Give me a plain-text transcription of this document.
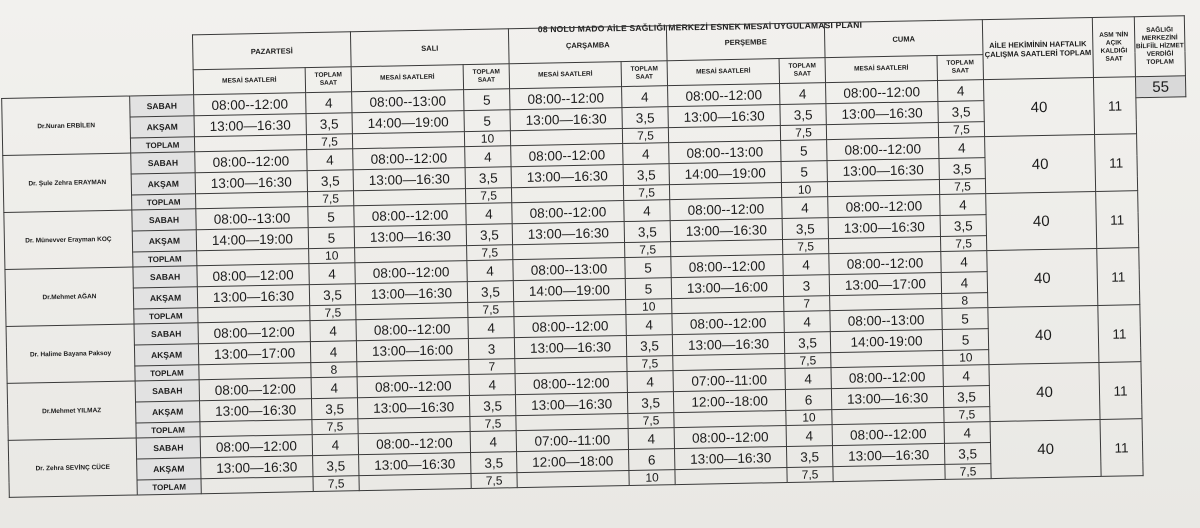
08 NOLU MADO AİLE SAĞLIĞI MERKEZİ ESNEK MESAİ UYGULAMASI PLANI
		PAZARTESİ		SALI		ÇARŞAMBA		PERŞEMBE		CUMA		AİLE HEKİMİNİN HAFTALIK ÇALIŞMA SAATLERİ TOPLAM	ASM 'NİN AÇIK KALDIĞI SAAT	SAĞLIĞI MERKEZİNİ BİLFİİL HİZMET VERDİĞİ TOPLAM
		MESAİ SAATLERİ	TOPLAM SAAT	MESAİ SAATLERİ	TOPLAM SAAT	MESAİ SAATLERİ	TOPLAM SAAT	MESAİ SAATLERİ	TOPLAM SAAT	MESAİ SAATLERİ	TOPLAM SAAT			
Dr.Nuran ERBİLEN	SABAH	08:00--12:00	4	08:00--13:00	5	08:00--12:00	4	08:00--12:00	4	08:00--12:00	4	40	11	55
	AKŞAM	13:00—16:30	3,5	14:00—19:00	5	13:00—16:30	3,5	13:00—16:30	3,5	13:00—16:30	3,5			
	TOPLAM		7,5		10		7,5		7,5		7,5			
Dr. Şule Zehra ERAYMAN	SABAH	08:00--12:00	4	08:00--12:00	4	08:00--12:00	4	08:00--13:00	5	08:00--12:00	4	40	11	
	AKŞAM	13:00—16:30	3,5	13:00—16:30	3,5	13:00—16:30	3,5	14:00—19:00	5	13:00—16:30	3,5			
	TOPLAM		7,5		7,5		7,5		10		7,5			
Dr. Münevver Erayman KOÇ	SABAH	08:00--13:00	5	08:00--12:00	4	08:00--12:00	4	08:00--12:00	4	08:00--12:00	4	40	11	
	AKŞAM	14:00—19:00	5	13:00—16:30	3,5	13:00—16:30	3,5	13:00—16:30	3,5	13:00—16:30	3,5			
	TOPLAM		10		7,5		7,5		7,5		7,5			
Dr.Mehmet AĞAN	SABAH	08:00—12:00	4	08:00--12:00	4	08:00--13:00	5	08:00--12:00	4	08:00--12:00	4	40	11	
	AKŞAM	13:00—16:30	3,5	13:00—16:30	3,5	14:00—19:00	5	13:00—16:00	3	13:00—17:00	4			
	TOPLAM		7,5		7,5		10		7		8			
Dr. Halime Bayana Paksoy	SABAH	08:00—12:00	4	08:00--12:00	4	08:00--12:00	4	08:00--12:00	4	08:00--13:00	5	40	11	
	AKŞAM	13:00—17:00	4	13:00—16:00	3	13:00—16:30	3,5	13:00—16:30	3,5	14:00-19:00	5			
	TOPLAM		8		7		7,5		7,5		10			
Dr.Mehmet YILMAZ	SABAH	08:00—12:00	4	08:00--12:00	4	08:00--12:00	4	07:00--11:00	4	08:00--12:00	4	40	11	
	AKŞAM	13:00—16:30	3,5	13:00—16:30	3,5	13:00—16:30	3,5	12:00--18:00	6	13:00—16:30	3,5			
	TOPLAM		7,5		7,5		7,5		10		7,5			
Dr. Zehra SEVİNÇ CÜCE	SABAH	08:00—12:00	4	08:00--12:00	4	07:00--11:00	4	08:00--12:00	4	08:00--12:00	4	40	11	
	AKŞAM	13:00—16:30	3,5	13:00—16:30	3,5	12:00—18:00	6	13:00—16:30	3,5	13:00—16:30	3,5			
	TOPLAM		7,5		7,5		10		7,5		7,5			
